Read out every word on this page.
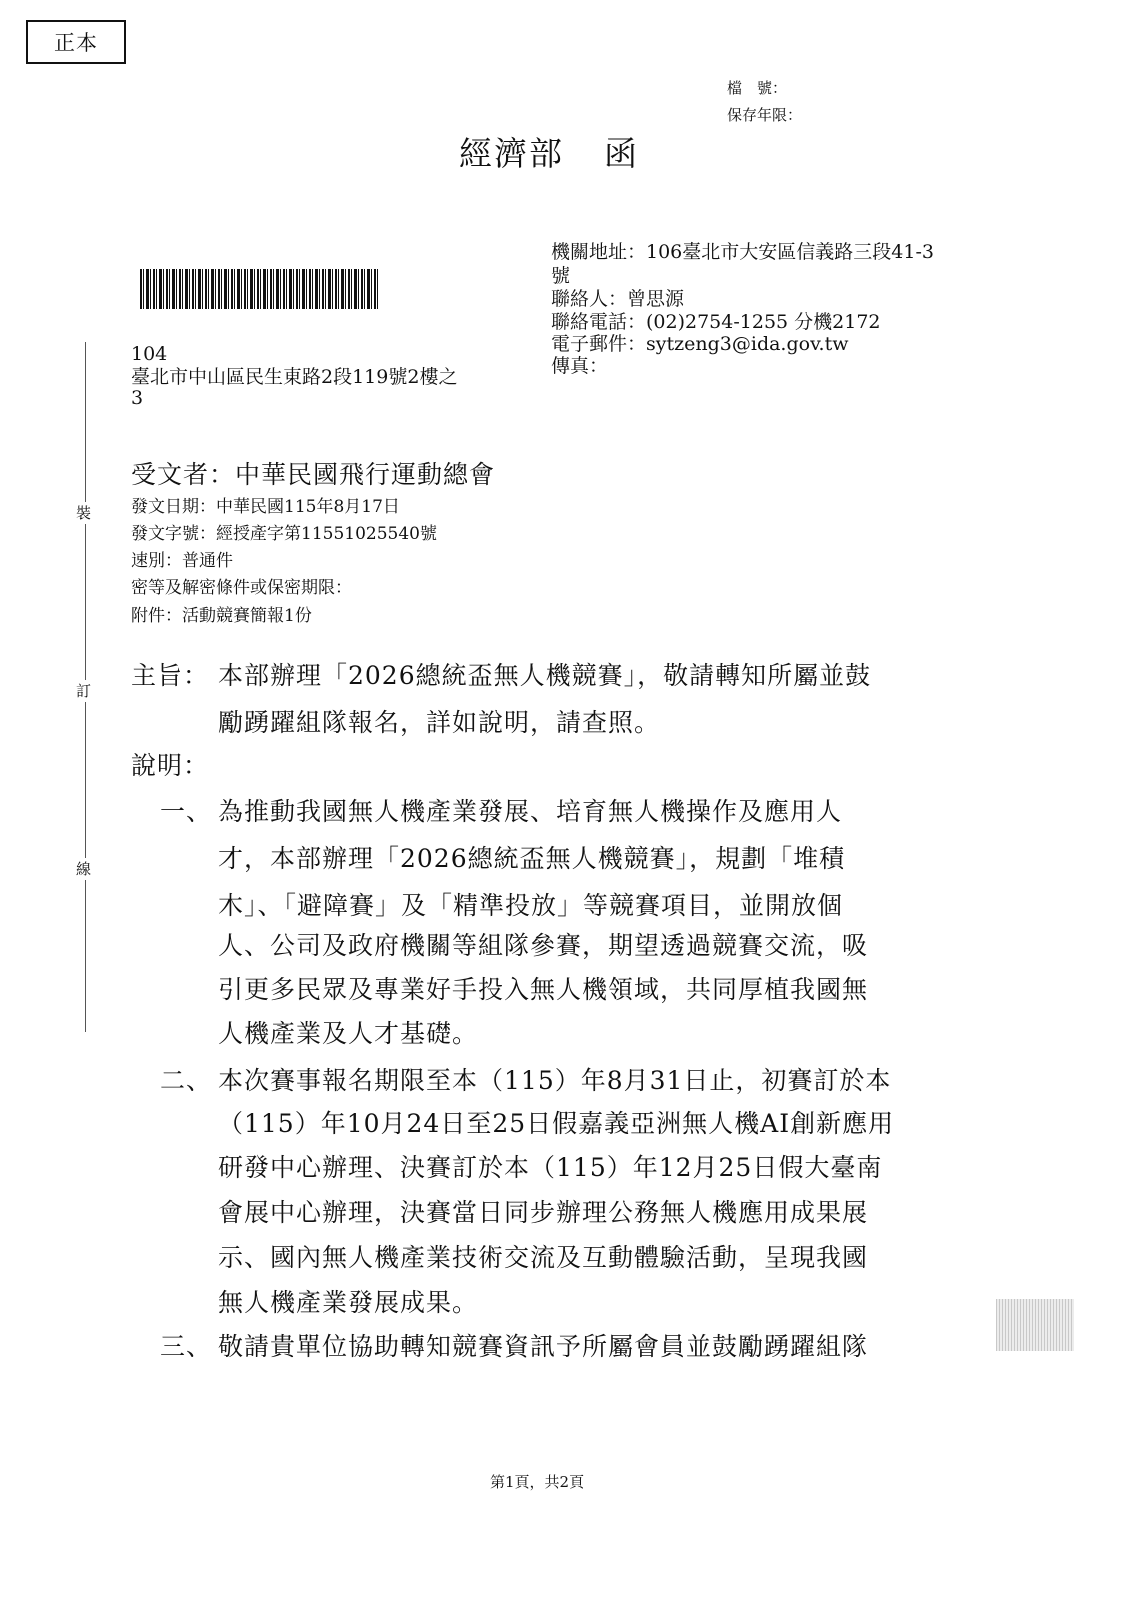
正本
檔　號：
保存年限：
經濟部 函
機關地址：106臺北市大安區信義路三段41-3
號
聯絡人：曾思源
聯絡電話：(02)2754-1255 分機2172
電子郵件：sytzeng3@ida.gov.tw
傳真：
104
臺北市中山區民生東路2段119號2樓之
3
裝
訂
線
受文者：中華民國飛行運動總會
發文日期：中華民國115年8月17日
發文字號：經授產字第11551025540號
速別：普通件
密等及解密條件或保密期限：
附件：活動競賽簡報1份
主旨： 本部辦理「2026總統盃無人機競賽」，敬請轉知所屬並鼓
勵踴躍組隊報名，詳如說明，請查照。
說明：
一、 為推動我國無人機產業發展、培育無人機操作及應用人
才，本部辦理「2026總統盃無人機競賽」，規劃「堆積
木」、「避障賽」及「精準投放」等競賽項目，並開放個
人、公司及政府機關等組隊參賽，期望透過競賽交流，吸
引更多民眾及專業好手投入無人機領域，共同厚植我國無
人機產業及人才基礎。
二、 本次賽事報名期限至本（115）年8月31日止，初賽訂於本
（115）年10月24日至25日假嘉義亞洲無人機AI創新應用
研發中心辦理、決賽訂於本（115）年12月25日假大臺南
會展中心辦理，決賽當日同步辦理公務無人機應用成果展
示、國內無人機產業技術交流及互動體驗活動，呈現我國
無人機產業發展成果。
三、 敬請貴單位協助轉知競賽資訊予所屬會員並鼓勵踴躍組隊
第1頁，共2頁
